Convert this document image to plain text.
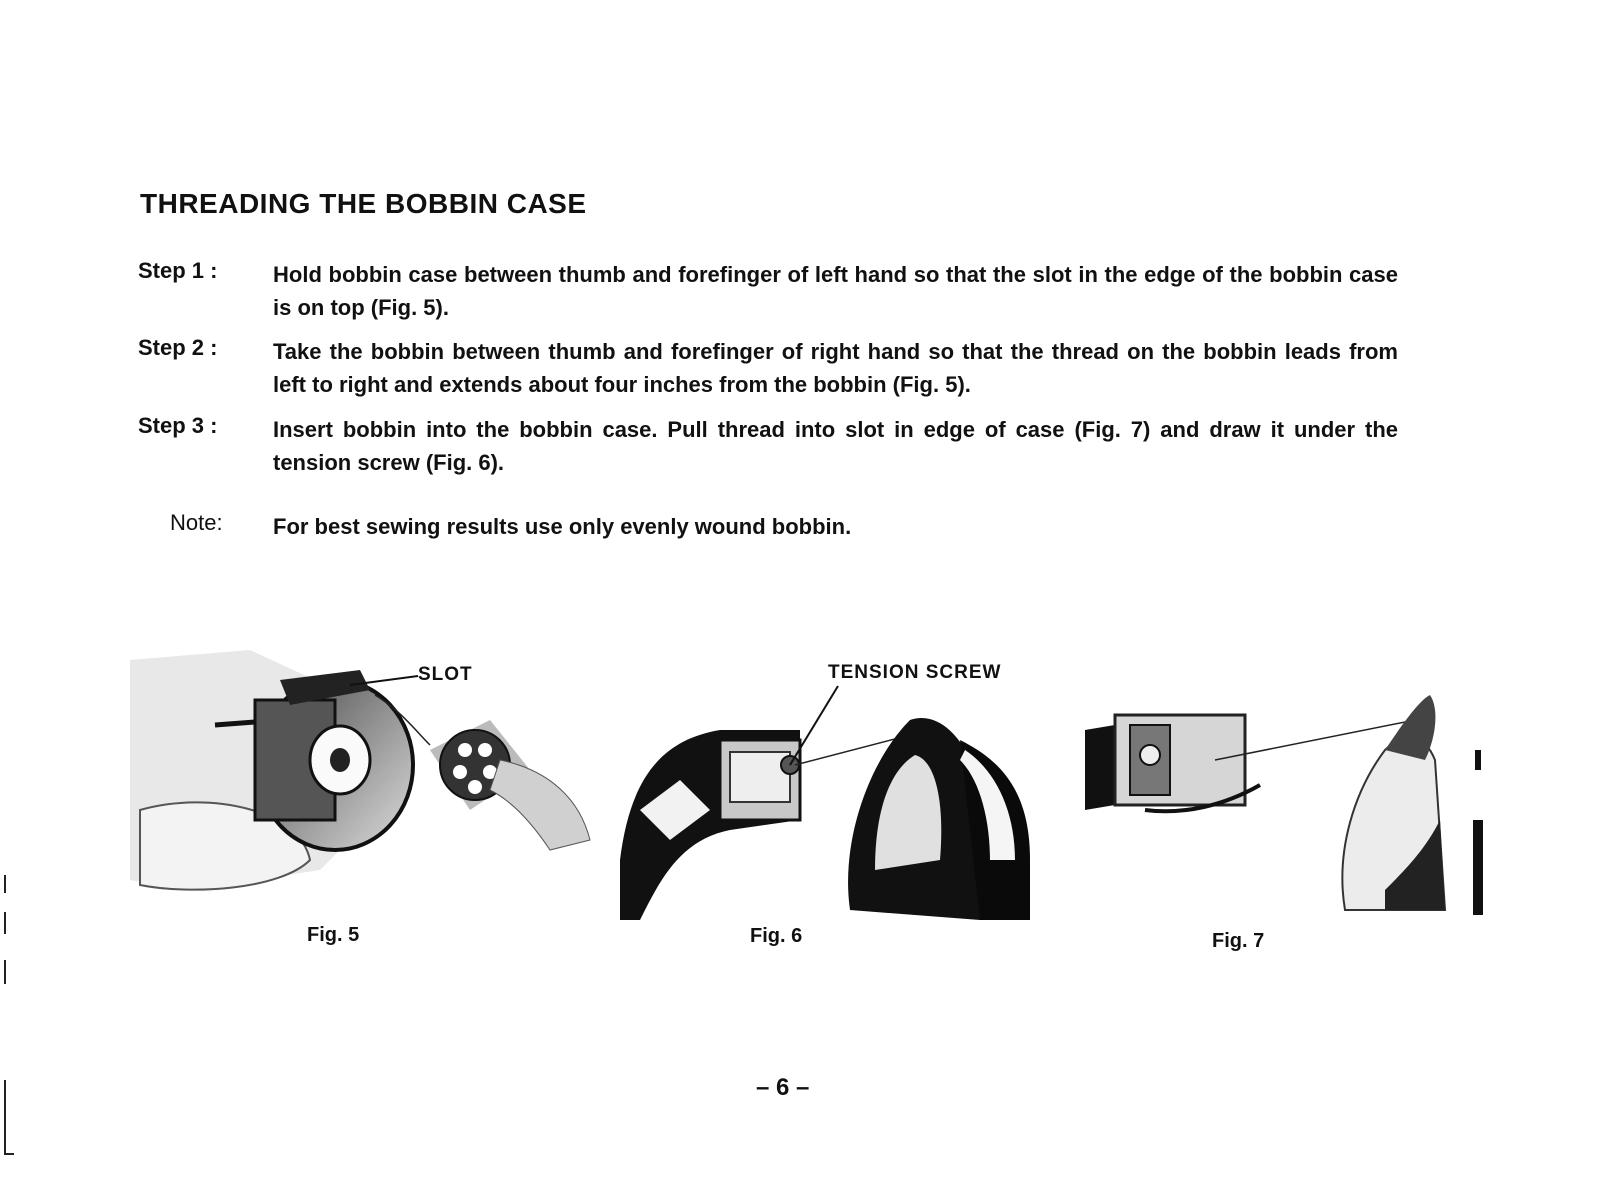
THREADING THE BOBBIN CASE
Step 1 :	Hold bobbin case between thumb and forefinger of left hand so that the slot in the edge of the bobbin case is on top (Fig. 5).
Step 2 :	Take the bobbin between thumb and forefinger of right hand so that the thread on the bobbin leads from left to right and extends about four inches from the bobbin (Fig. 5).
Step 3 :	Insert bobbin into the bobbin case. Pull thread into slot in edge of case (Fig. 7) and draw it under the tension screw (Fig. 6).
Note: For best sewing results use only evenly wound bobbin.
SLOT
Fig. 5
TENSION SCREW
Fig. 6	Fig. 7
– 6 –
